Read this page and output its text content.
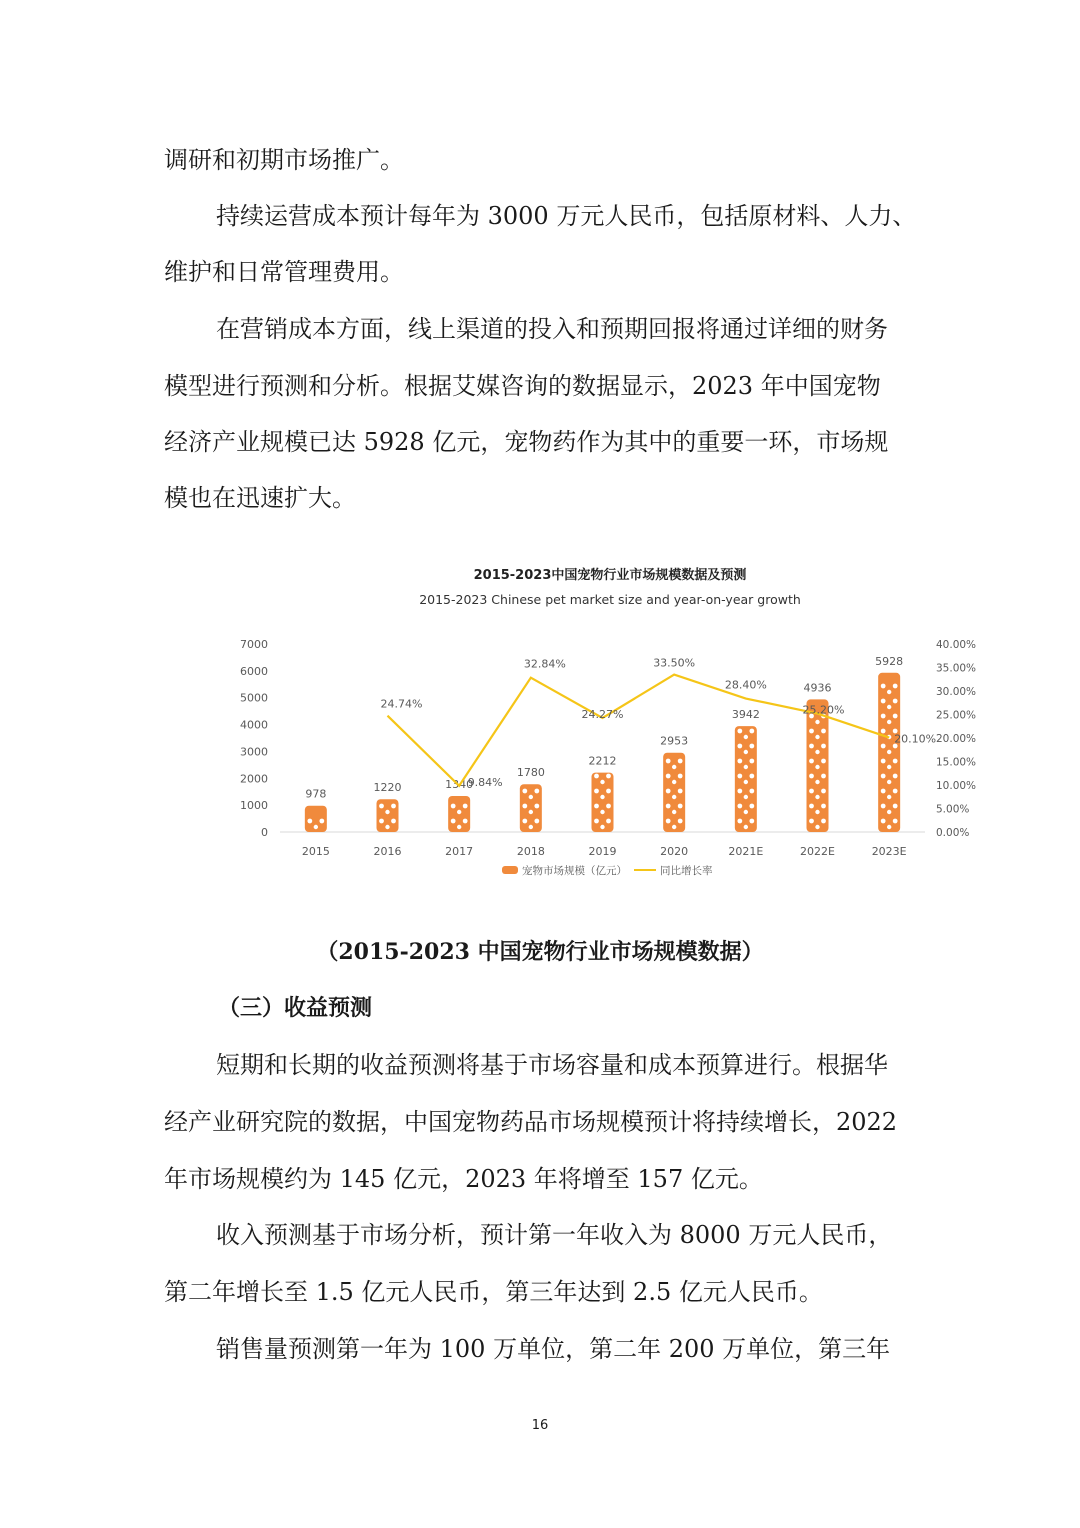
调研和初期市场推广。
持续运营成本预计每年为 3000 万元人民币，包括原材料、人力、
维护和日常管理费用。
在营销成本方面，线上渠道的投入和预期回报将通过详细的财务
模型进行预测和分析。根据艾媒咨询的数据显示，2023 年中国宠物
经济产业规模已达 5928 亿元，宠物药作为其中的重要一环，市场规
模也在迅速扩大。
2015-2023中国宠物行业市场规模数据及预测
2015-2023 Chinese pet market size and year-on-year growth
0
1000
2000
3000
4000
5000
6000
7000
0.00%
5.00%
10.00%
15.00%
20.00%
25.00%
30.00%
35.00%
40.00%
978
2015
1220
2016
1340
2017
1780
2018
2212
2019
2953
2020
3942
2021E
4936
2022E
5928
2023E
24.74%
9.84%
32.84%
24.27%
33.50%
28.40%
25.20%
20.10%
宠物市场规模（亿元）	同比增长率
（2015-2023 中国宠物行业市场规模数据）
（三）收益预测
短期和长期的收益预测将基于市场容量和成本预算进行。根据华
经产业研究院的数据，中国宠物药品市场规模预计将持续增长，2022
年市场规模约为 145 亿元，2023 年将增至 157 亿元。
收入预测基于市场分析，预计第一年收入为 8000 万元人民币，
第二年增长至 1.5 亿元人民币，第三年达到 2.5 亿元人民币。
销售量预测第一年为 100 万单位，第二年 200 万单位，第三年
16
